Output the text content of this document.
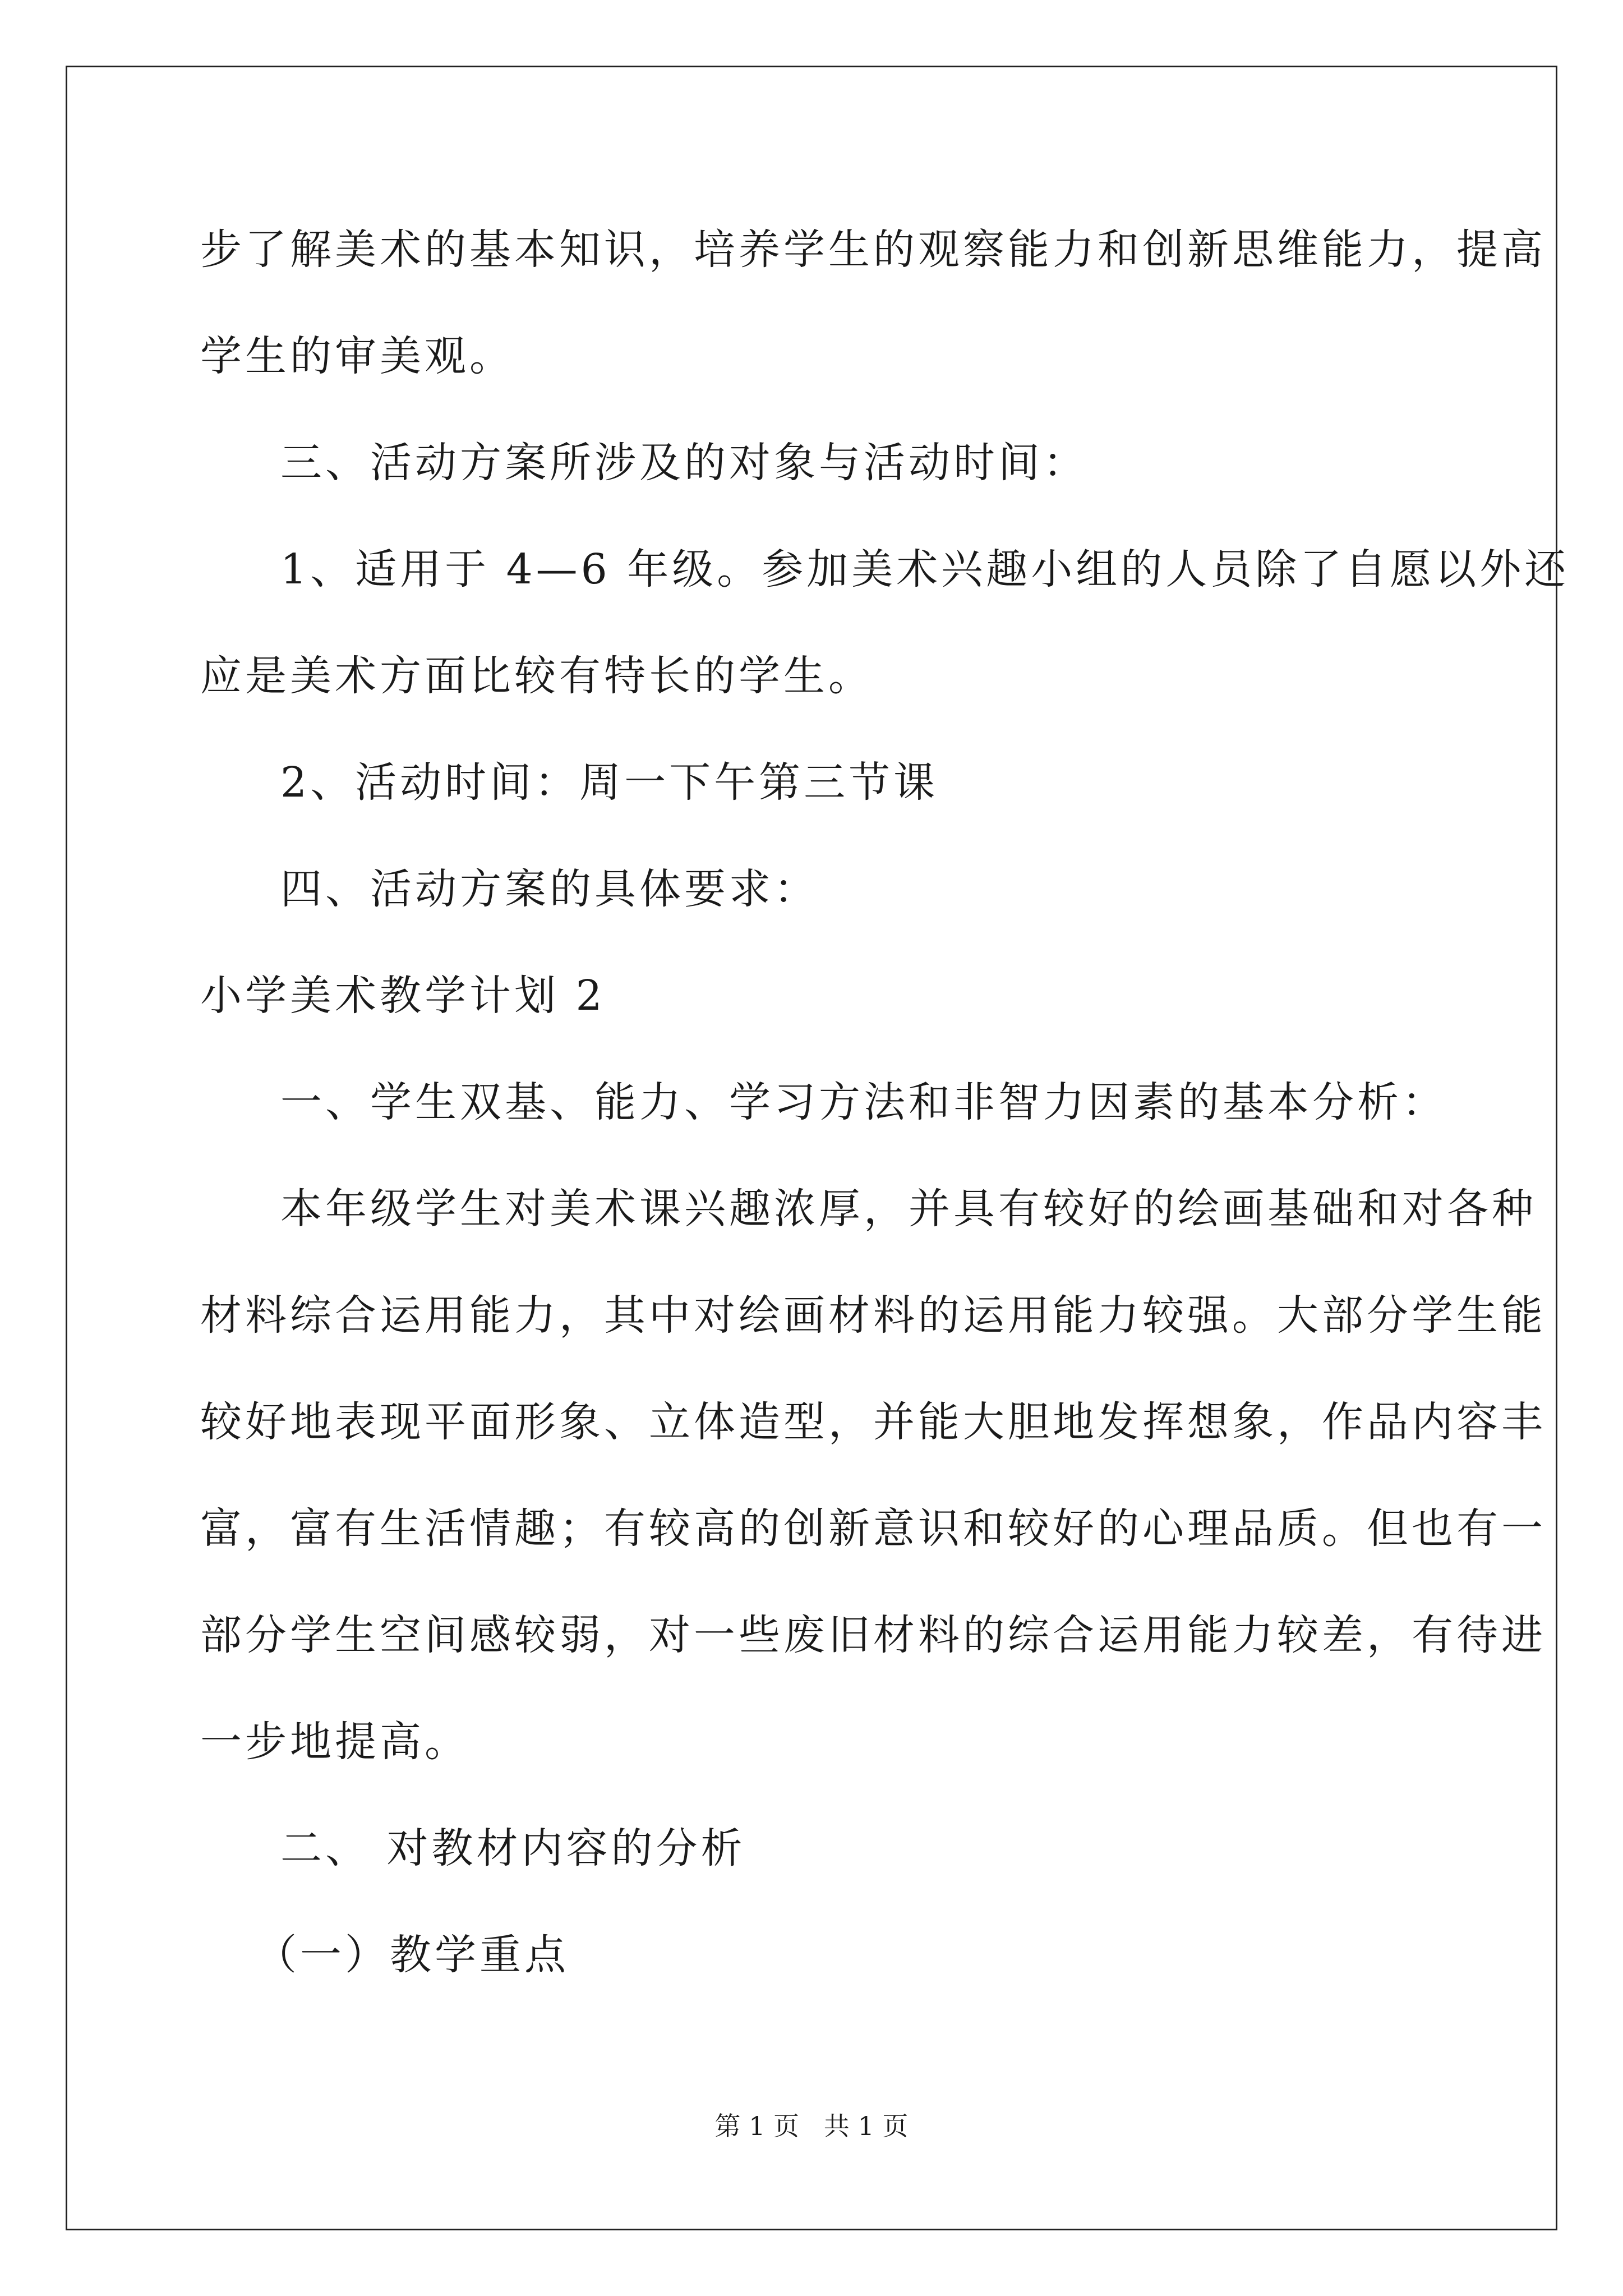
步了解美术的基本知识，培养学生的观察能力和创新思维能力，提高
学生的审美观。
三、活动方案所涉及的对象与活动时间：
1、适用于 4—6 年级。参加美术兴趣小组的人员除了自愿以外还
应是美术方面比较有特长的学生。
2、活动时间：周一下午第三节课
四、活动方案的具体要求：
小学美术教学计划 2
一、学生双基、能力、学习方法和非智力因素的基本分析：
本年级学生对美术课兴趣浓厚，并具有较好的绘画基础和对各种
材料综合运用能力，其中对绘画材料的运用能力较强。大部分学生能
较好地表现平面形象、立体造型，并能大胆地发挥想象，作品内容丰
富，富有生活情趣；有较高的创新意识和较好的心理品质。但也有一
部分学生空间感较弱，对一些废旧材料的综合运用能力较差，有待进
一步地提高。
二、 对教材内容的分析
（一）教学重点
第 1 页   共 1 页
